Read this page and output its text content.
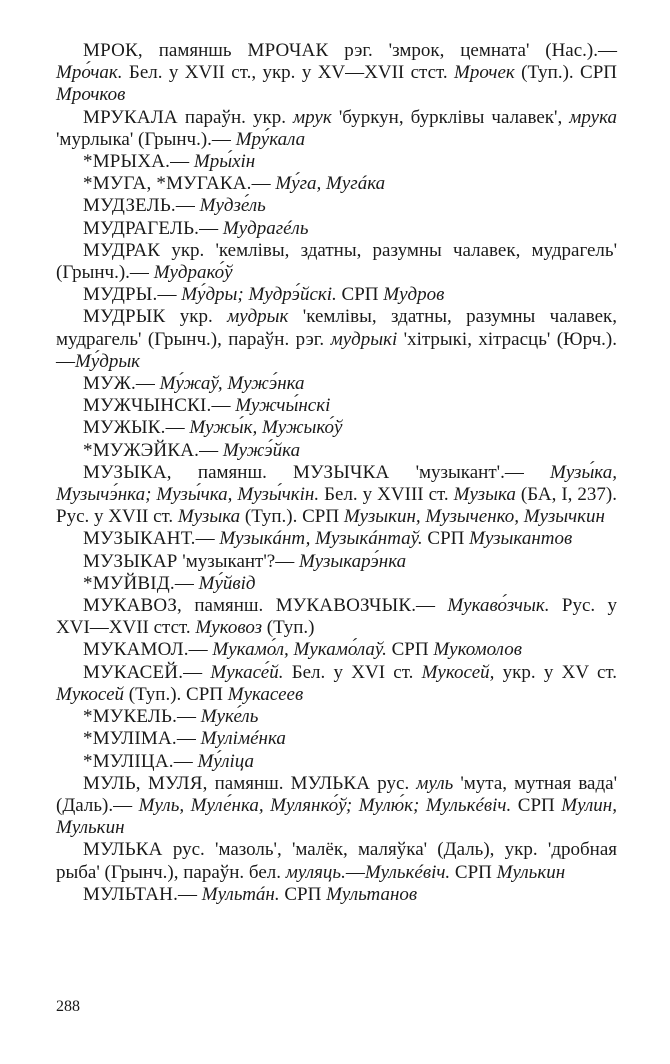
МРОК, памяншь МРОЧАК рэг. 'змрок, цемната' (Нас.).— Мро́чак. Бел. у XVII ст., укр. у XV—XVII стст. Мрочек (Туп.). СРП Мрочков

МРУКАЛА параўн. укр. мрук 'буркун, бурклівы чалавек', мрука 'мурлыка' (Грынч.).— Мру́кала

*МРЫХА.— Мры́хін

*МУГА, *МУГАКА.— Му́га, Мугáка

МУДЗЕЛЬ.— Мудзе́ль

МУДРАГЕЛЬ.— Мудрагéль

МУДРАК укр. 'кемлівы, здатны, разумны чалавек, мудрагель' (Грынч.).— Мудрако́ў

МУДРЫ.— Му́дры; Мудрэ́йскі. СРП Мудров

МУДРЫК укр. мудрык 'кемлівы, здатны, разумны чалавек, мудрагель' (Грынч.), параўн. рэг. мудрыкі 'хітрыкі, хітрасць' (Юрч.).—Му́дрык

МУЖ.— Му́жаў, Мужэ́нка

МУЖЧЫНСКІ.— Мужчы́нскі

МУЖЫК.— Мужы́к, Мужыко́ў

*МУЖЭЙКА.— Мужэ́йка

МУЗЫКА, памянш. МУЗЫЧКА 'музыкант'.— Музы́ка, Музычэ́нка; Музы́чка, Музы́чкін. Бел. у XVIII ст. Музыка (БА, I, 237). Рус. у XVII ст. Музыка (Туп.). СРП Музыкин, Музыченко, Музычкин

МУЗЫКАНТ.— Музыкáнт, Музыкáнтаў. СРП Музыкантов

МУЗЫКАР 'музыкант'?— Музыкарэ́нка

*МУЙВІД.— Му́йвід

МУКАВОЗ, памянш. МУКАВОЗЧЫК.— Мукаво́зчык. Рус. у XVI—XVII стст. Муковоз (Туп.)

МУКАМОЛ.— Мукамо́л, Мукамо́лаў. СРП Мукомолов

МУКАСЕЙ.— Мукасе́й. Бел. у XVI ст. Мукосей, укр. у XV ст. Мукосей (Туп.). СРП Мукасеев

*МУКЕЛЬ.— Муке́ль

*МУЛІМА.— Мулімéнка

*МУЛІЦА.— Му́ліца

МУЛЬ, МУЛЯ, памянш. МУЛЬКА рус. муль 'мута, мутная вада' (Даль).— Муль, Муле́нка, Мулянко́ў; Мулю́к; Мулькéвіч. СРП Мулин, Мулькин

МУЛЬКА рус. 'мазоль', 'малёк, маляўка' (Даль), укр. 'дробная рыба' (Грынч.), параўн. бел. муляць.—Мулькéвіч. СРП Мулькин

МУЛЬТАН.— Мультáн. СРП Мультанов

288
